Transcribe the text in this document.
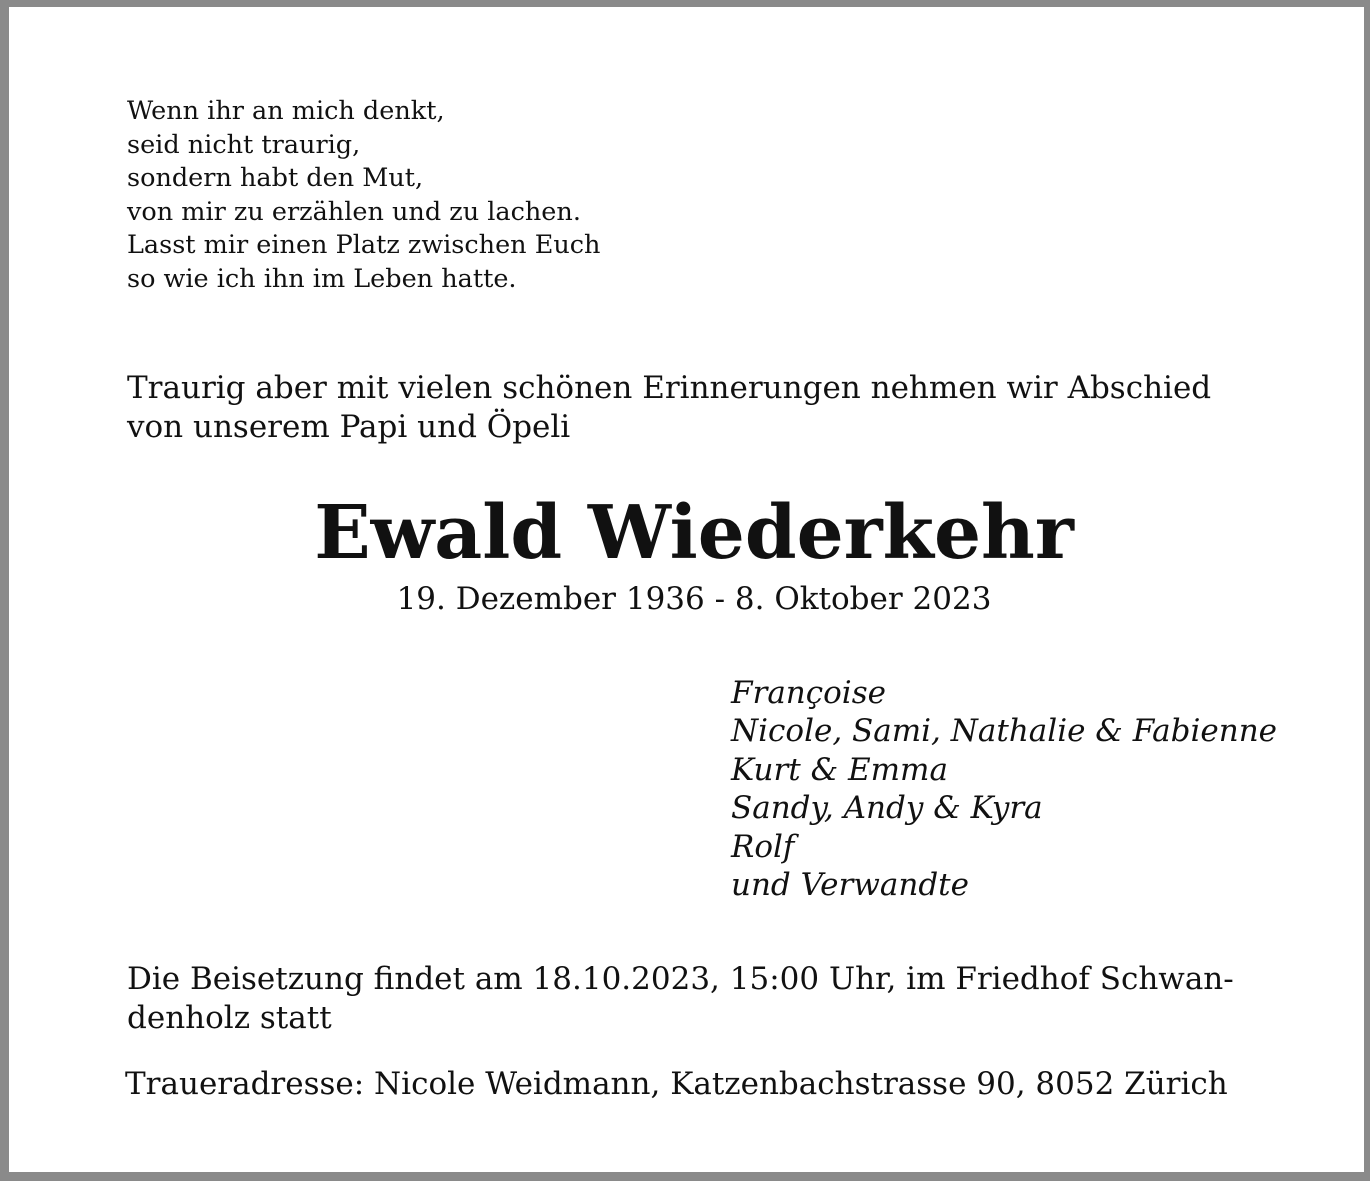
Wenn ihr an mich denkt,
seid nicht traurig,
sondern habt den Mut,
von mir zu erzählen und zu lachen.
Lasst mir einen Platz zwischen Euch
so wie ich ihn im Leben hatte.
Traurig aber mit vielen schönen Erinnerungen nehmen wir Abschied
von unserem Papi und Öpeli
Ewald Wiederkehr
19. Dezember 1936 - 8. Oktober 2023
Françoise
Nicole, Sami, Nathalie & Fabienne
Kurt & Emma
Sandy, Andy & Kyra
Rolf
und Verwandte
Die Beisetzung findet am 18.10.2023, 15:00 Uhr, im Friedhof Schwan-
denholz statt
Traueradresse: Nicole Weidmann, Katzenbachstrasse 90, 8052 Zürich
